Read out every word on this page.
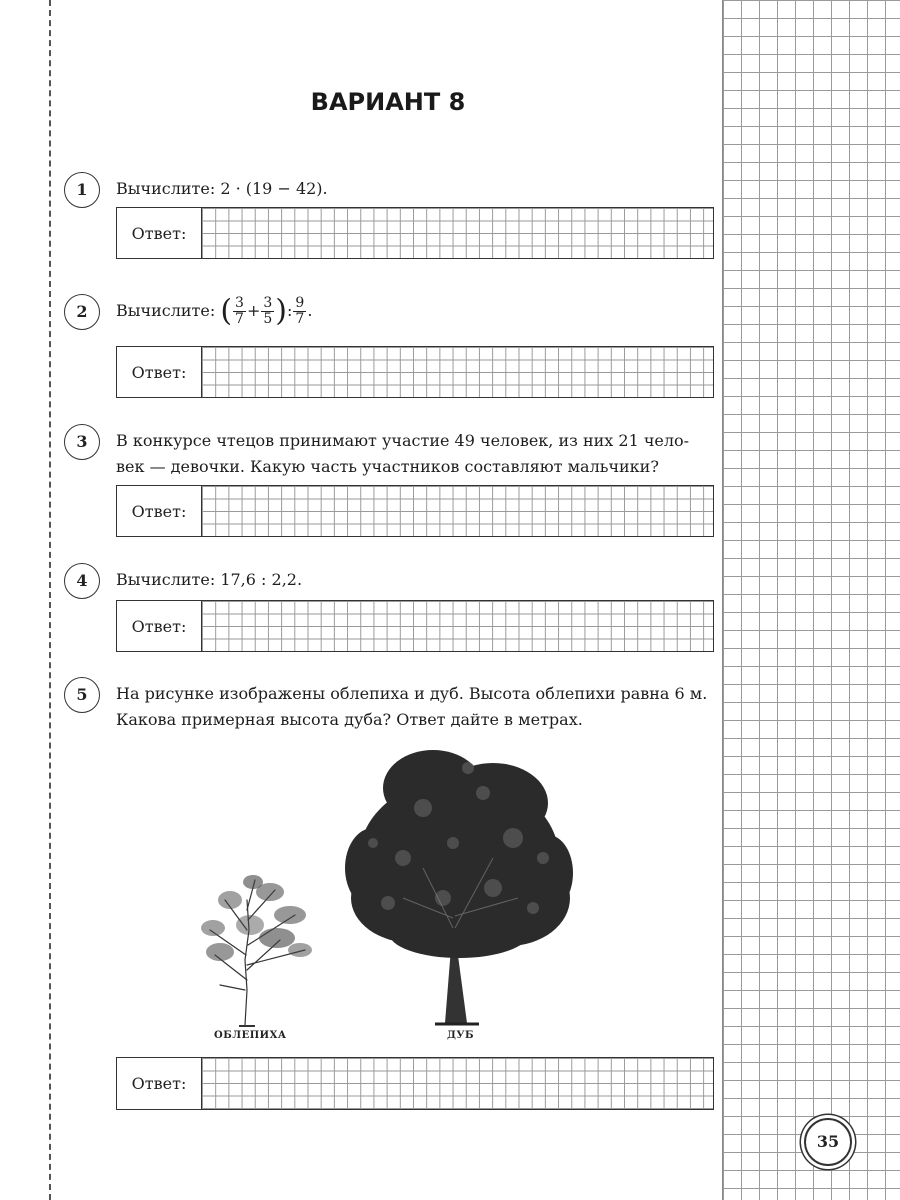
ВАРИАНТ 8
1	Вычислите: 2 · (19 − 42).
Ответ:
2	Вычислите: ( $\frac{3}{7} + \frac{3}{5}$ ): $\frac{9}{7}$ .
Ответ:
3	В конкурсе чтецов принимают участие 49 человек, из них 21 чело-
век — девочки. Какую часть участников составляют мальчики?
Ответ:
4	Вычислите: 17,6 : 2,2.
Ответ:
5	На рисунке изображены облепиха и дуб. Высота облепихи равна 6 м.
Какова примерная высота дуба? Ответ дайте в метрах.
ОБЛЕПИХА	ДУБ
Ответ:
35
